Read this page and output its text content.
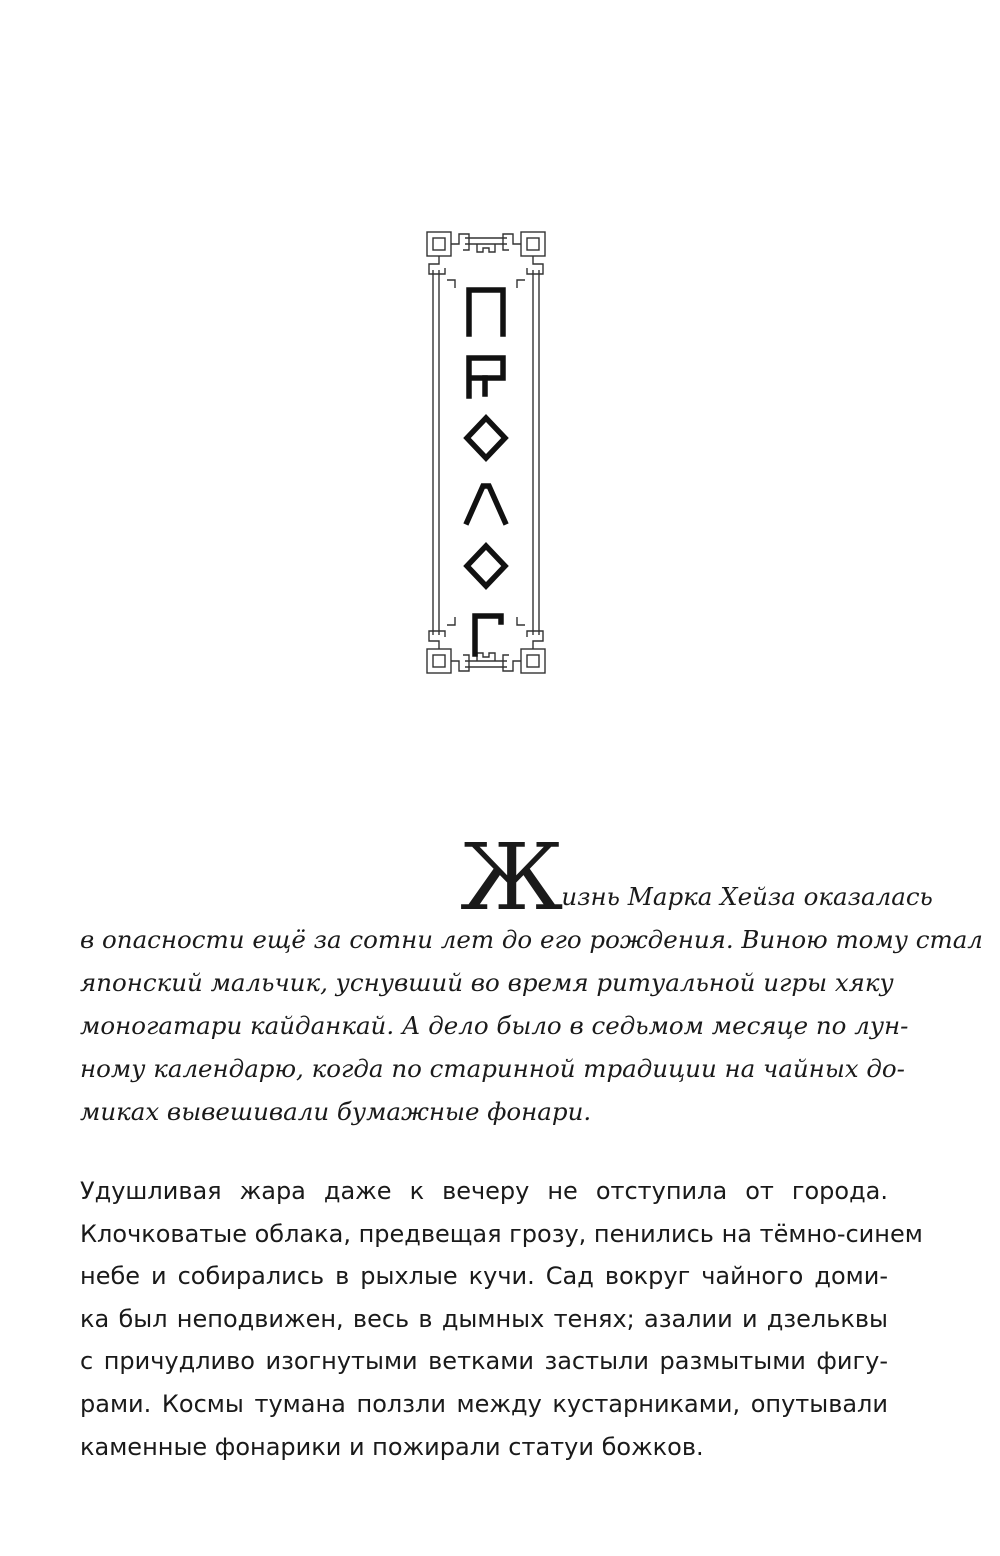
Жизнь Марка Хейза оказалась
в опасности ещё за сотни лет до его рождения. Виною тому стал
японский мальчик, уснувший во время ритуальной игры хяку
моногатари кайданкай. А дело было в седьмом месяце по лун-
ному календарю, когда по старинной традиции на чайных до-
миках вывешивали бумажные фонари.
Удушливая жара даже к вечеру не отступила от города.
Клочковатые облака, предвещая грозу, пенились на тёмно-синем
небе и собирались в рыхлые кучи. Сад вокруг чайного доми-
ка был неподвижен, весь в дымных тенях; азалии и дзельквы
с причудливо изогнутыми ветками застыли размытыми фигу-
рами. Космы тумана ползли между кустарниками, опутывали
каменные фонарики и пожирали статуи божков.
